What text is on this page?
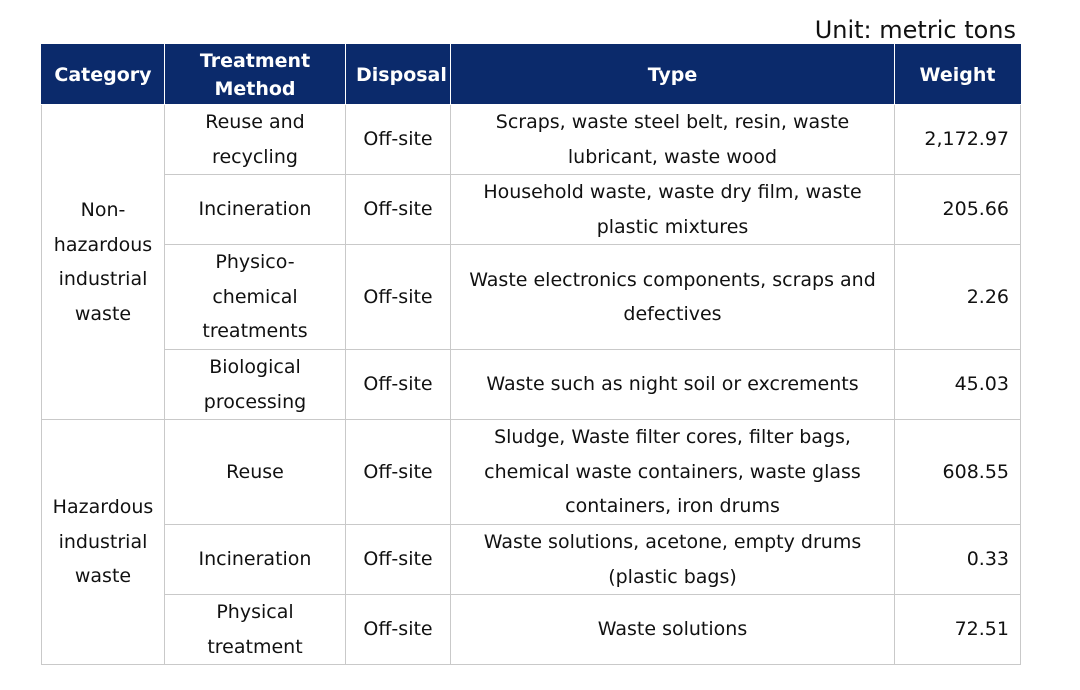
Unit: metric tons
Category	Treatment Method	Disposal	Type	Weight
Non-hazardous industrial waste	Reuse and recycling	Off-site	Scraps, waste steel belt, resin, waste lubricant, waste wood	2,172.97
	Incineration	Off-site	Household waste, waste dry film, waste plastic mixtures	205.66
	Physico-chemical treatments	Off-site	Waste electronics components, scraps and defectives	2.26
	Biological processing	Off-site	Waste such as night soil or excrements	45.03
Hazardous industrial waste	Reuse	Off-site	Sludge, Waste filter cores, filter bags, chemical waste containers, waste glass containers, iron drums	608.55
	Incineration	Off-site	Waste solutions, acetone, empty drums (plastic bags)	0.33
	Physical treatment	Off-site	Waste solutions	72.51
